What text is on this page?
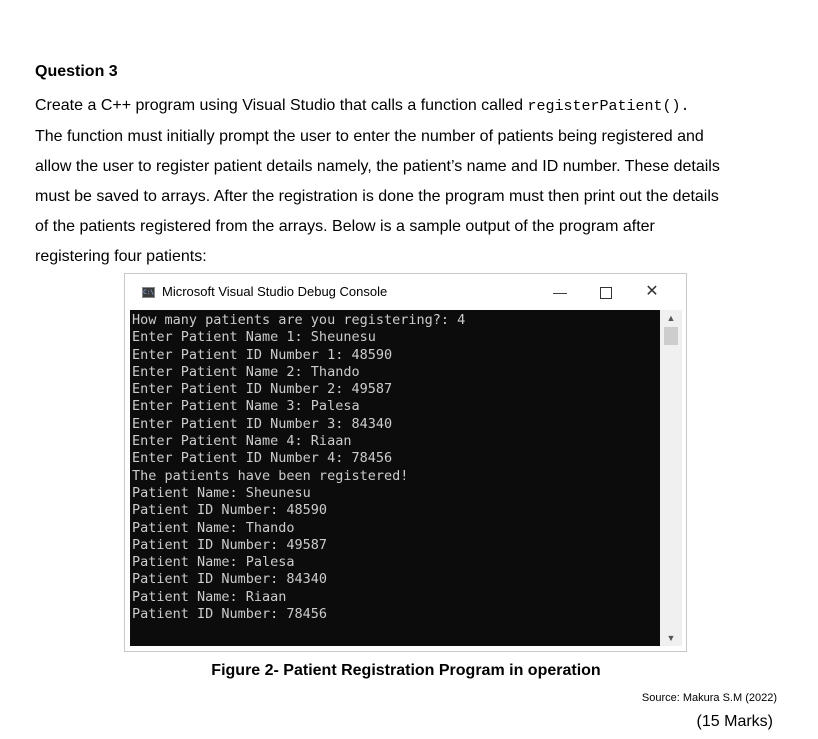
Question 3
Create a C++ program using Visual Studio that calls a function called registerPatient().
The function must initially prompt the user to enter the number of patients being registered and
allow the user to register patient details namely, the patient’s name and ID number. These details
must be saved to arrays. After the registration is done the program must then print out the details
of the patients registered from the arrays. Below is a sample output of the program after
registering four patients:
C:\ Microsoft Visual Studio Debug Console	—	✕
How many patients are you registering?: 4
Enter Patient Name 1: Sheunesu
Enter Patient ID Number 1: 48590
Enter Patient Name 2: Thando
Enter Patient ID Number 2: 49587
Enter Patient Name 3: Palesa
Enter Patient ID Number 3: 84340
Enter Patient Name 4: Riaan
Enter Patient ID Number 4: 78456
The patients have been registered!
Patient Name: Sheunesu
Patient ID Number: 48590
Patient Name: Thando
Patient ID Number: 49587
Patient Name: Palesa
Patient ID Number: 84340
Patient Name: Riaan
Patient ID Number: 78456
▲
▼
Figure 2- Patient Registration Program in operation
Source: Makura S.M (2022)
(15 Marks)
